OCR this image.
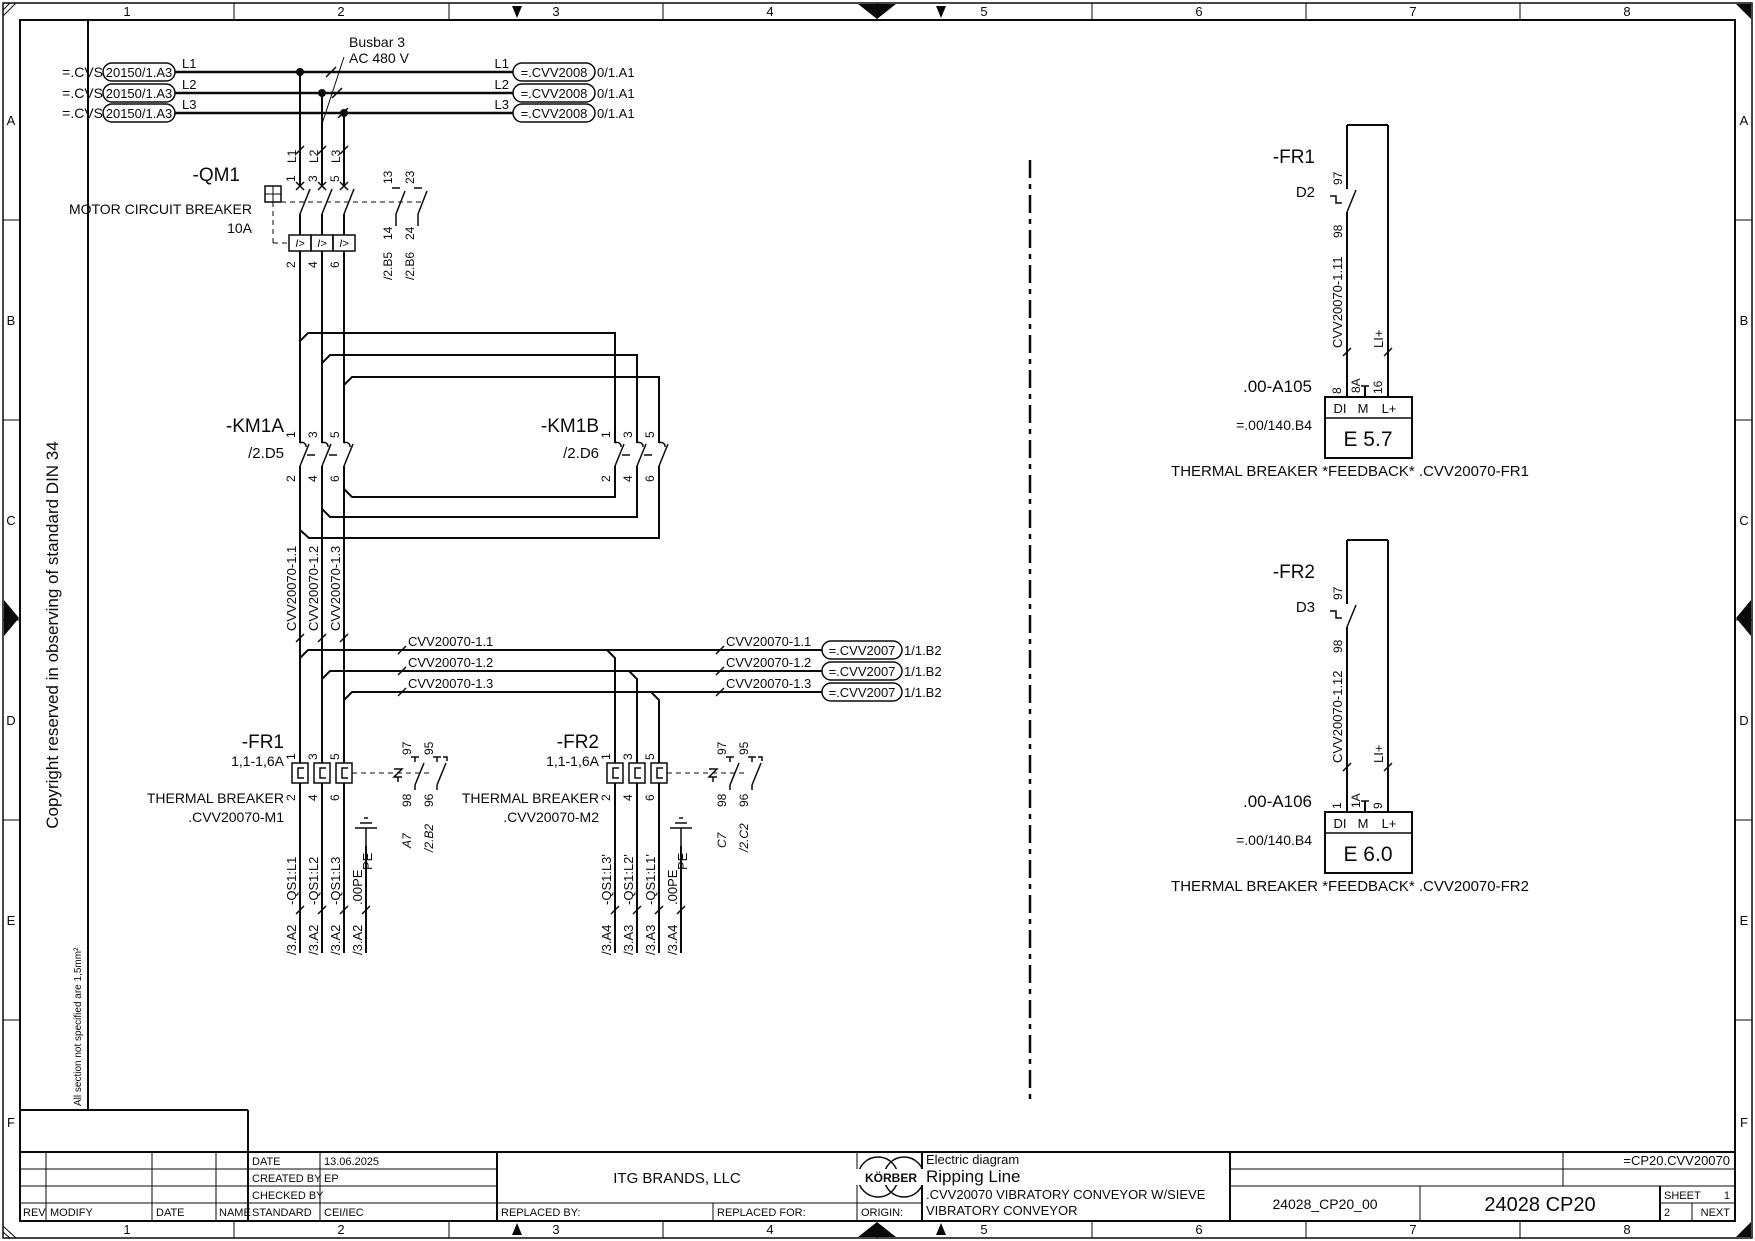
1	2	3	4	5	6	7	8
1	2	3	4	5	6	7	8
A
B
C
D
E
F
A
B
C
D
E
F
Copyright reserved in observing of standard DIN 34
All section not specified are 1,5mm²
=.CVS 20150/1.A3
=.CVS 20150/1.A3
=.CVS 20150/1.A3
L1
L2
L3
L1
L2
L3
=.CVV2008 0/1.A1
=.CVV2008 0/1.A1
=.CVV2008 0/1.A1
Busbar 3
AC 480 V
L1 L2 L3
-QM1
MOTOR CIRCUIT BREAKER
10A
1 3 5
I> I> I>
2 4 6
13 23
14 24
/2.B5 /2.B6
-KM1A
/2.D5
1 3 5
2 4 6
-KM1B
/2.D6
1 3 5
2 4 6
CVV20070-1.1 CVV20070-1.2 CVV20070-1.3
CVV20070-1.1
CVV20070-1.2
CVV20070-1.3
CVV20070-1.1
CVV20070-1.2
CVV20070-1.3
=.CVV2007 1/1.B2
=.CVV2007 1/1.B2
=.CVV2007 1/1.B2
-FR1
1,1-1,6A
THERMAL BREAKER
.CVV20070-M1
1 3 5
97 95
98 96
A7 /2.B2
2 4 6
PE
-QS1:L1 -QS1:L2 -QS1:L3 .00PE
/3.A2 /3.A2 /3.A2 /3.A2
-FR2
1,1-1,6A
THERMAL BREAKER
.CVV20070-M2
1 3 5
97 95
98 96
C7 /2.C2
2 4 6
PE
-QS1:L3' -QS1:L2' -QS1:L1' .00PE
/3.A4 /3.A3 /3.A3 /3.A4
-FR1
D2
97
98
CVV20070-1.11 LI+
8 8A 16
DI M L+
E 5.7
.00-A105
=.00/140.B4
THERMAL BREAKER *FEEDBACK* .CVV20070-FR1
-FR2
D3
97
98
CVV20070-1.12 LI+
1 1A 9
DI M L+
E 6.0
.00-A106
=.00/140.B4
THERMAL BREAKER *FEEDBACK* .CVV20070-FR2
REV MODIFY	DATE	NAME
DATE	13.06.2025
CREATED BY EP
CHECKED BY
STANDARD CEI/IEC
ITG BRANDS, LLC
REPLACED BY:	REPLACED FOR:	ORIGIN:
KÖRBER
Electric diagram
Ripping Line
.CVV20070 VIBRATORY CONVEYOR W/SIEVE
VIBRATORY CONVEYOR	24028_CP20_00	24028 CP20
=CP20.CVV20070
SHEET 1
2	NEXT
